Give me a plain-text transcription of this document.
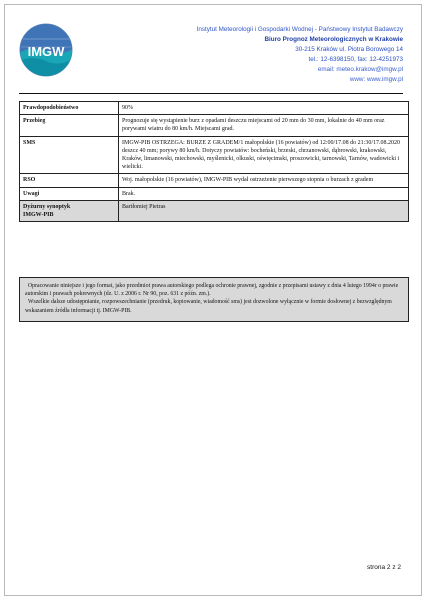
IMGW
Instytut Meteorologii i Gospodarki Wodnej - Państwowy Instytut Badawczy
Biuro Prognoz Meteorologicznych w Krakowie
30-215 Kraków ul. Piotra Borowego 14
tel.: 12-6398150, fax: 12-4251973
email: meteo.krakow@imgw.pl
www: www.imgw.pl
Prawdopodobieństwo	90%
Przebieg	Prognozuje się wystąpienie burz z opadami deszczu miejscami od 20 mm do 30 mm, lokalnie do 40 mm oraz porywami wiatru do 80 km/h. Miejscami grad.
SMS	IMGW-PIB OSTRZEGA: BURZE Z GRADEM/1 małopolskie (16 powiatów) od 12:00/17.08 do 21:30/17.08.2020 deszcz 40 mm; porywy 80 km/h. Dotyczy powiatów: bocheński, brzeski, chrzanowski, dąbrowski, krakowski, Kraków, limanowski, miechowski, myślenicki, olkuski, oświęcimski, proszowicki, tarnowski, Tarnów, wadowicki i wielicki.
RSO	Woj. małopolskie (16 powiatów), IMGW-PIB wydał ostrzeżenie pierwszego stopnia o burzach z gradem
Uwagi	Brak.
Dyżurny synoptyk
IMGW-PIB	Bartłomiej Pietras

Opracowanie niniejsze i jego format, jako przedmiot prawa autorskiego podlega ochronie prawnej, zgodnie z przepisami ustawy z dnia 4 lutego 1994r o prawie autorskim i prawach pokrewnych (dz. U. z 2006 r. Nr 90, poz. 631 z późn. zm.).

Wszelkie dalsze udostępnianie, rozpowszechnianie (przedruk, kopiowanie, wiadomość sms) jest dozwolone wyłącznie w formie dosłownej z bezwzględnym wskazaniem źródła informacji tj. IMGW-PIB.

strona 2 z 2
